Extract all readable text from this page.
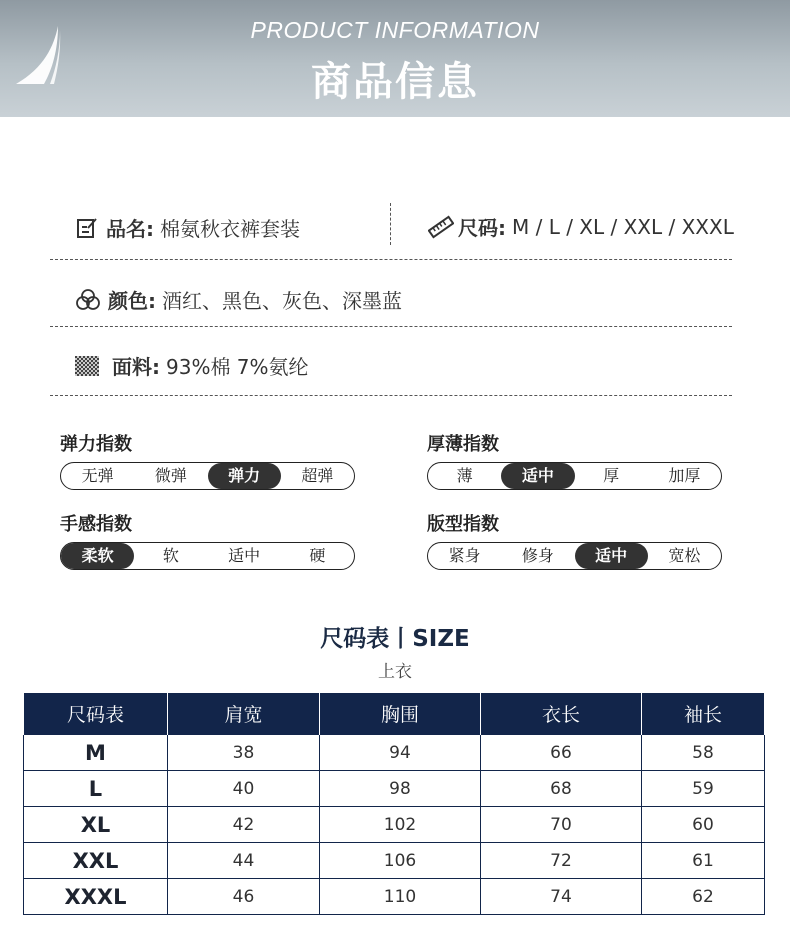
PRODUCT INFORMATION
商品信息
品名: 棉氨秋衣裤套装	尺码: M / L / XL / XXL / XXXL
颜色: 酒红、黑色、灰色、深墨蓝
面料: 93%棉 7%氨纶
弹力指数
无弹	微弹	弹力	超弹
厚薄指数
薄	适中	厚	加厚
手感指数
柔软	软	适中	硬
版型指数
紧身	修身	适中	宽松
尺码表丨SIZE
上衣
尺码表	肩宽	胸围	衣长	袖长
M	38	94	66	58
L	40	98	68	59
XL	42	102	70	60
XXL	44	106	72	61
XXXL	46	110	74	62
